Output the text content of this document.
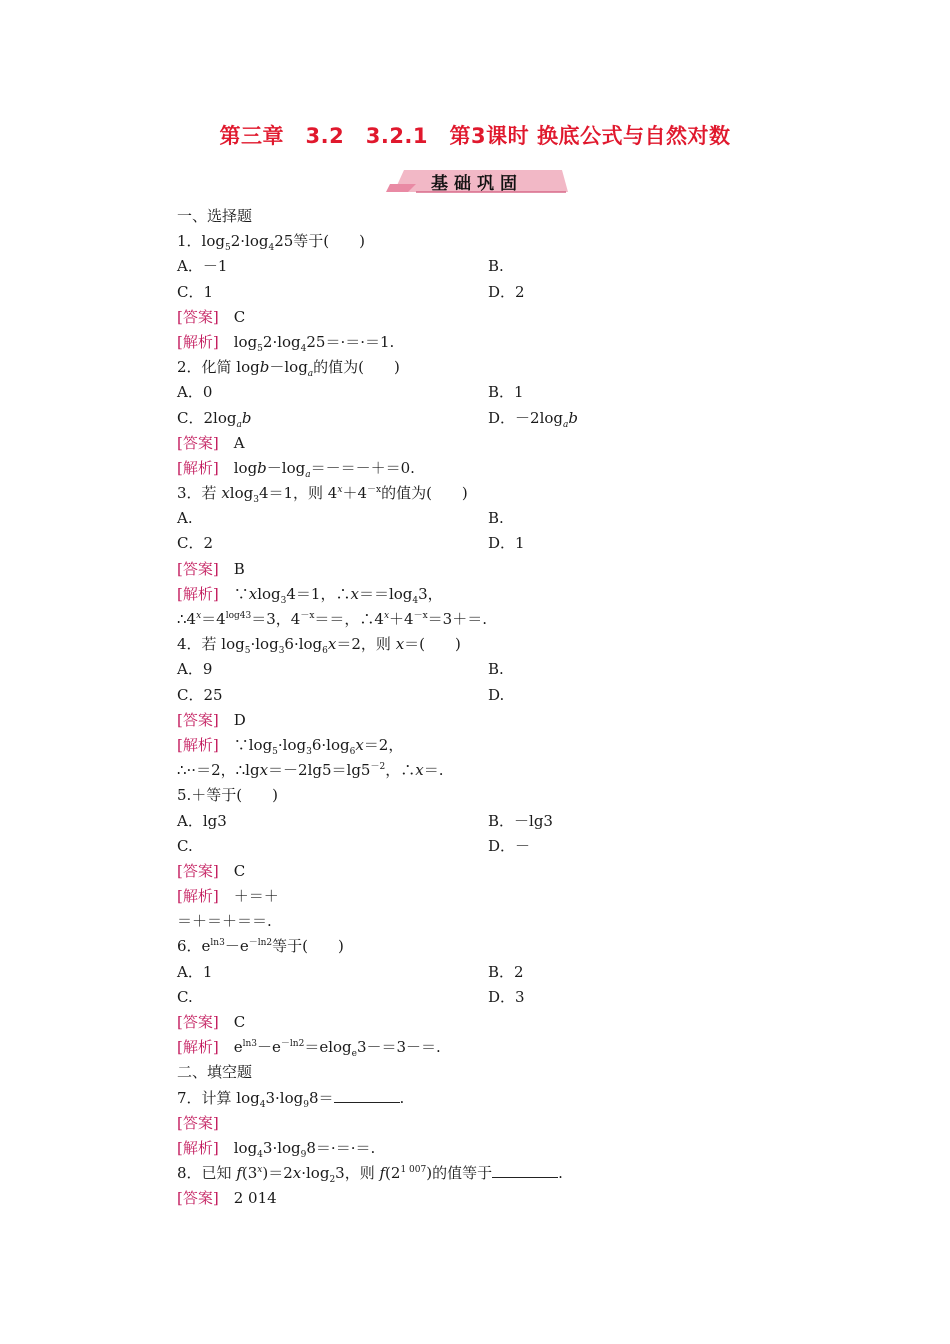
第三章　3.2　3.2.1　第3课时 换底公式与自然对数
基础巩固
一、选择题
1．$\log_52\cdot\log_425$等于(　　)
A．－1	B.
C．1	D．2
[答案]　 C
[解析]　 $\log_52\cdot\log_425=\cdot=\cdot=1$.
2．化简 $\log b-\log_a$的值为(　　)
A．0	B．1
C．$2\log_ab$	D．$-2\log_ab$
[答案]　 A
[解析]　 $\log b-\log_a=-=-+=0$.
3．若 xlog$_3$4＝1，则 $4^x+4^{-x}$的值为(　　)
A.	B.
C．2	D．1
[答案]　 B
[解析]　 ∵xlog$_3$4＝1，$\therefore x==\log_43$，
$\therefore 4^x=4^{log43}=3$，$4^{-x}==$，$\therefore 4^x+4^{-x}=3+=$.
4．若 $\log_5\cdot\log_36\cdot\log_6x=2$，则 x＝(　　)
A．9	B.
C．25	D.
[答案]　 D
[解析]　 $\because\log_5\cdot\log_36\cdot\log_6x=2$，
∴··＝2，$\therefore\lg x=-2\lg 5=\lg 5^{-2}$，∴x＝.
5.＋等于(　　)
A．lg3	B．－lg3
C.	D．－
[答案]　 C
[解析]　 ＋＝＋
＝＋＝＋＝＝.
6．$e^{ln3}-e^{-ln2}$等于(　　)
A．1	B．2
C.	D．3
[答案]　 C
[解析]　 $e^{ln3}-e^{-ln2}=elog_e3-=3-=$.
二、填空题
7．计算 $\log_43\cdot\log_98=$	.
[答案]
[解析]　 $\log_43\cdot\log_98=\cdot=\cdot=$.
8．已知 $f(3^x)=2x\cdot\log_23$，则 $f(2^{1 007})$的值等于	.
[答案]　 2 014
